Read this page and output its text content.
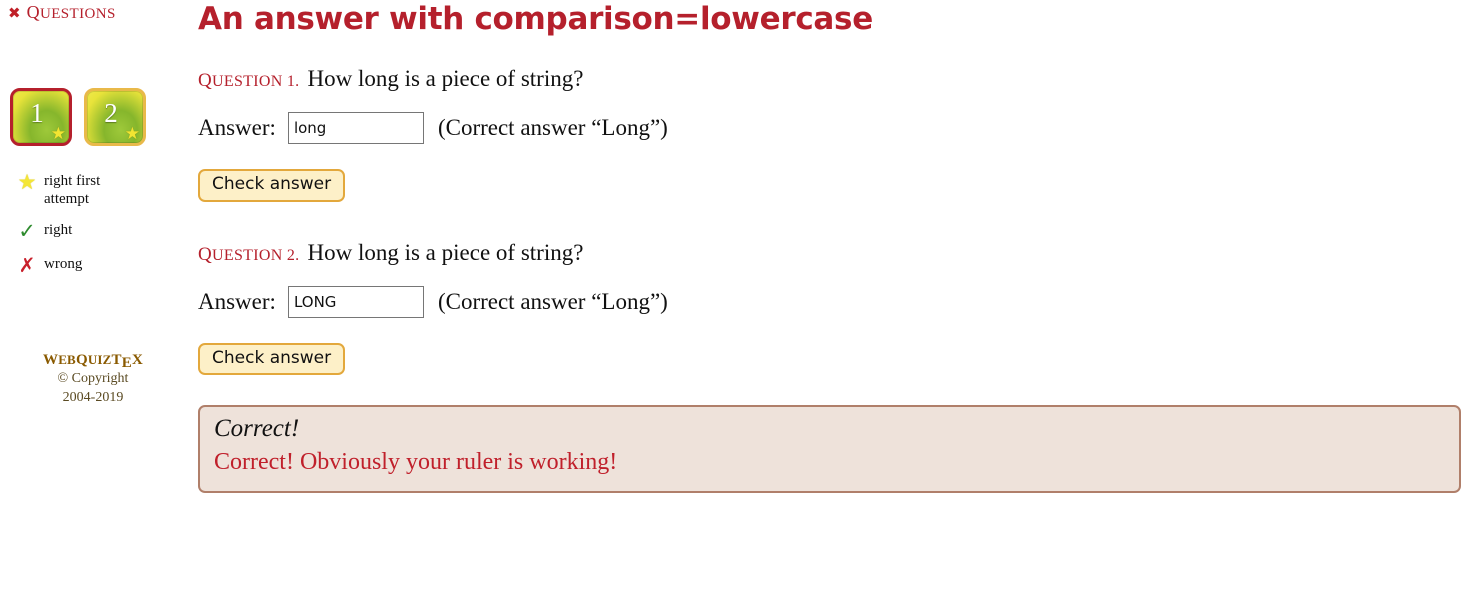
✖ QUESTIONS
1
★
2
★
★ right first attempt
✓ right
✗ wrong
WEBQUIZTEX
© Copyright
2004-2019
An answer with comparison=lowercase
QUESTION 1. How long is a piece of string?
Answer:
long	(Correct answer “Long”)
Check answer
QUESTION 2. How long is a piece of string?
Answer:
LONG	(Correct answer “Long”)
Check answer
Correct!
Correct! Obviously your ruler is working!
